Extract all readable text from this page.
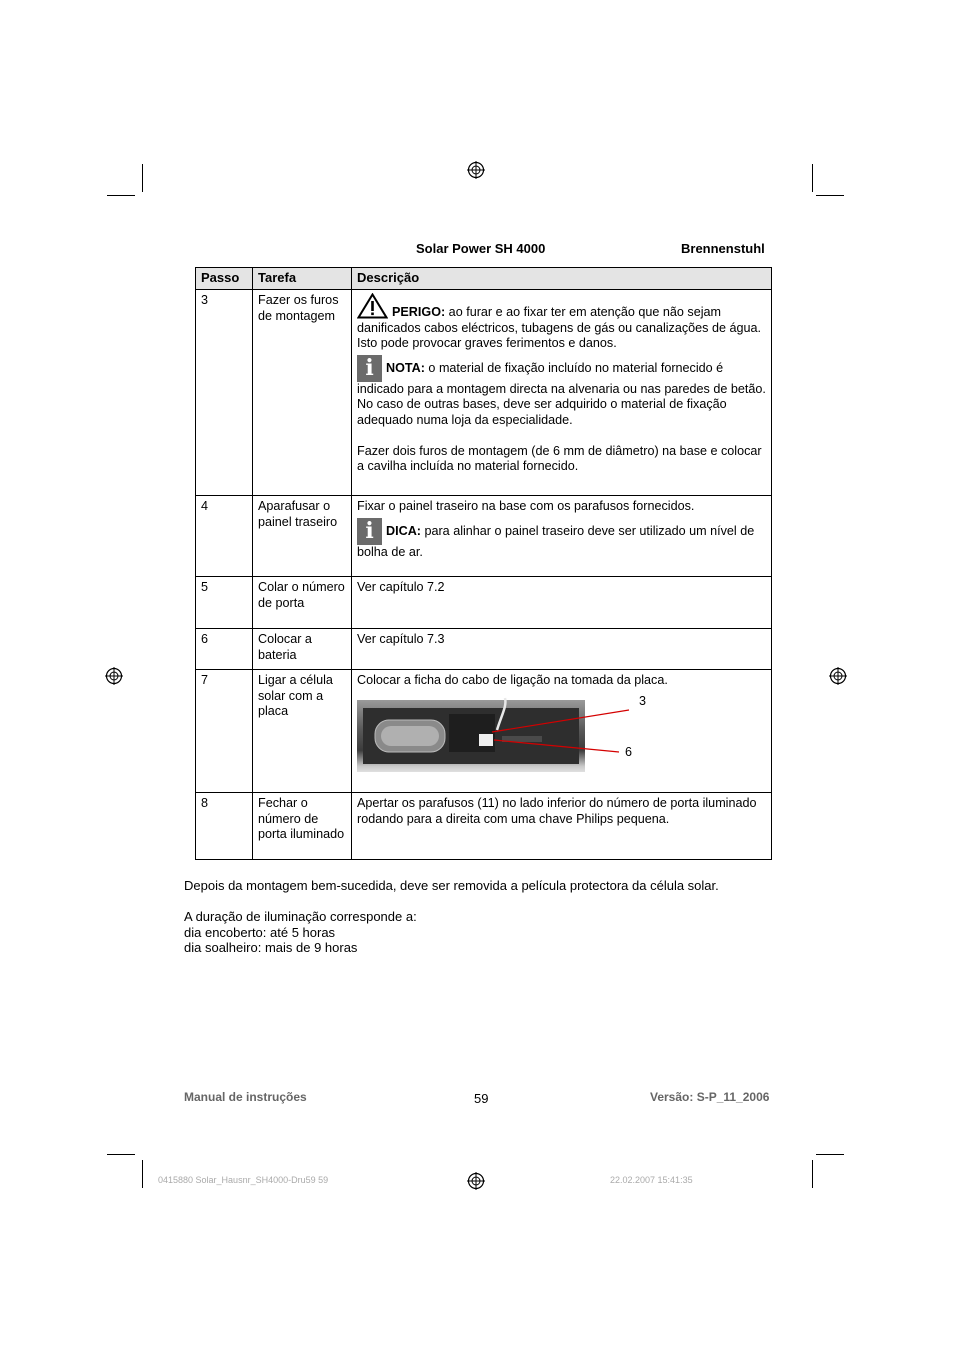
Solar Power SH 4000	Brennenstuhl
Passo	Tarefa	Descrição
3	Fazer os furos de montagem	PERIGO: ao furar e ao fixar ter em atenção que não sejam danificados cabos eléctricos, tubagens de gás ou canalizações de água. Isto pode provocar graves ferimentos e danos.

i NOTA: o material de fixação incluído no material fornecido é indicado para a montagem directa na alvenaria ou nas paredes de betão. No caso de outras bases, deve ser adquirido o material de fixação adequado numa loja da especialidade.

Fazer dois furos de montagem (de 6 mm de diâmetro) na base e colocar a cavilha incluída no material fornecido.

4	Aparafusar o painel traseiro	Fixar o painel traseiro na base com os parafusos fornecidos.

i DICA: para alinhar o painel traseiro deve ser utilizado um nível de bolha de ar.

5	Colar o número de porta	Ver capítulo 7.2
6	Colocar a bateria	Ver capítulo 7.3
7	Ligar a célula solar com a placa	Colocar a ficha do cabo de ligação na tomada da placa.

3
6

8	Fechar o número de porta iluminado	Apertar os parafusos (11) no lado inferior do número de porta iluminado rodando para a direita com uma chave Philips pequena.
Depois da montagem bem-sucedida, deve ser removida a película protectora da célula solar.
A duração de iluminação corresponde a:
dia encoberto: até 5 horas
dia soalheiro: mais de 9 horas
Manual de instruções	59	Versão: S-P_11_2006
0415880 Solar_Hausnr_SH4000-Dru59 59	22.02.2007 15:41:35
